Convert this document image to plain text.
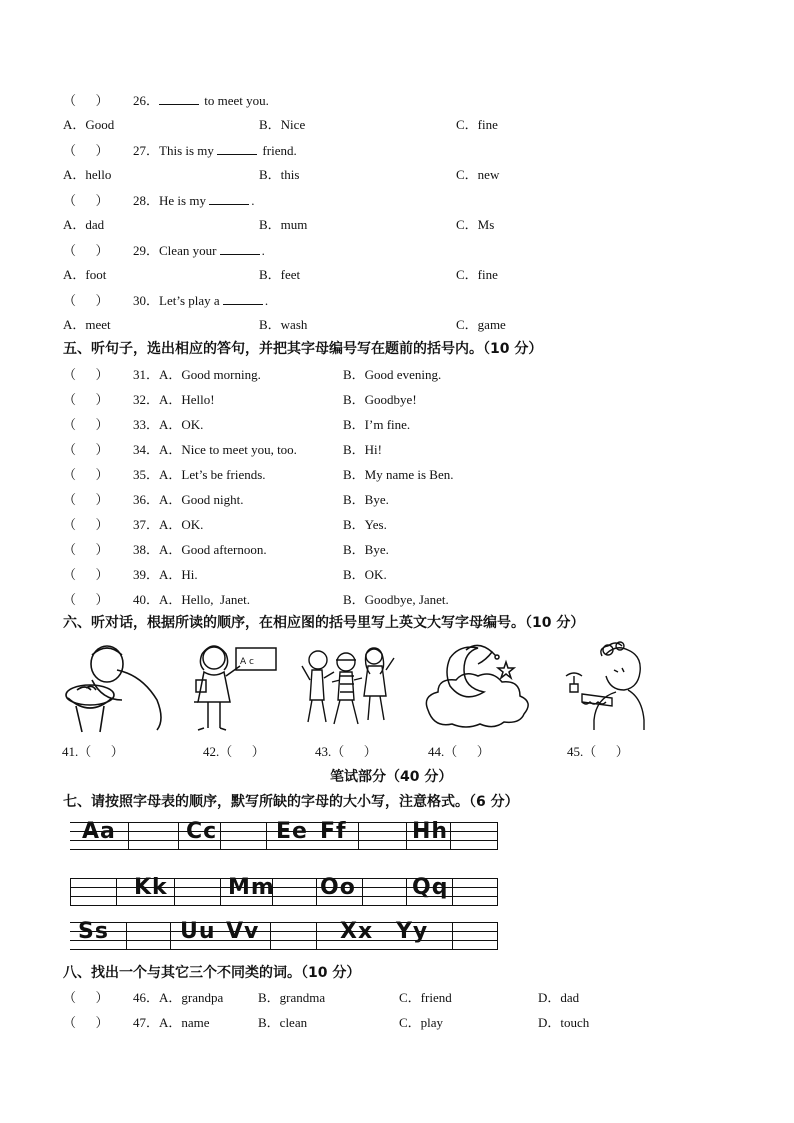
（      ） 26．	to meet you.
A．Good	B．Nice	C．fine
（      ） 27．This is my	friend.
A．hello	B．this	C．new
（      ） 28．He is my	.
A．dad	B．mum	C．Ms
（      ） 29．Clean your	.
A．foot	B．feet	C．fine
（      ） 30．Let’s play a	.
A．meet	B．wash	C．game
五、听句子，选出相应的答句，并把其字母编号写在题前的括号内。（10 分）
（      ） 31．A．Good morning.	B．Good evening.
（      ） 32．A．Hello!	B．Goodbye!
（      ） 33．A．OK.	B．I’m fine.
（      ） 34．A．Nice to meet you, too.	B．Hi!
（      ） 35．A．Let’s be friends.	B．My name is Ben.
（      ） 36．A．Good night.	B．Bye.
（      ） 37．A．OK.	B．Yes.
（      ） 38．A．Good afternoon.	B．Bye.
（      ） 39．A．Hi.	B．OK.
（      ） 40．A．Hello,  Janet.	B．Goodbye, Janet.
六、听对话，根据所读的顺序，在相应图的括号里写上英文大写字母编号。（10 分）
A c
41.（      ）	42.（      ）	43.（      ）	44.（      ）	45.（      ）
笔试部分（40 分）
七、请按照字母表的顺序，默写所缺的字母的大小写，注意格式。（6 分）
Aa	Cc	Ee Ff	Hh
Kk	Mm Oo	Qq
Ss	Uu Vv	Xx Yy
八、找出一个与其它三个不同类的词。（10 分）
（      ） 46．A．grandpa	B．grandma	C．friend	D．dad
（      ） 47．A．name	B．clean	C．play	D．touch
